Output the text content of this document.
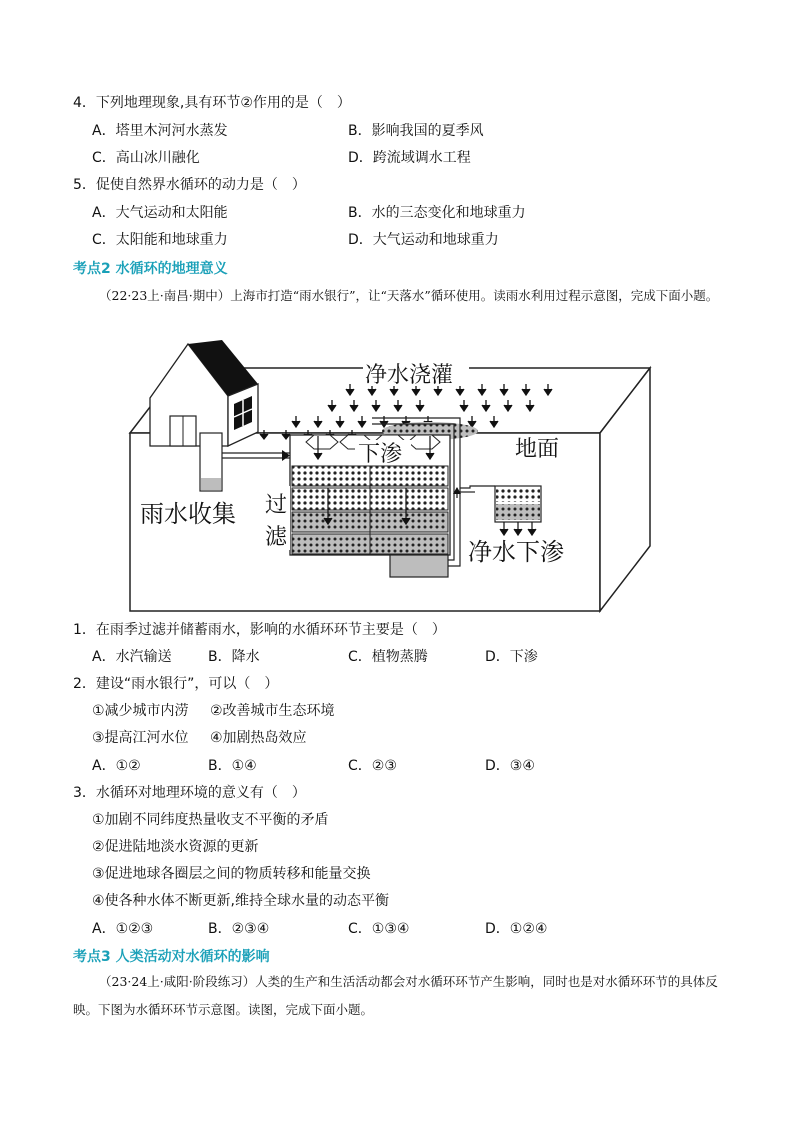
4．下列地理现象,具有环节②作用的是（　）
A．塔里木河河水蒸发	B．影响我国的夏季风
C．高山冰川融化	D．跨流域调水工程
5．促使自然界水循环的动力是（　）
A．大气运动和太阳能	B．水的三态变化和地球重力
C．太阳能和地球重力	D．大气运动和地球重力
考点2 水循环的地理意义
（22·23上·南昌·期中）上海市打造“雨水银行”，让“天落水”循环使用。读雨水利用过程示意图，完成下面小题。
净水浇灌
地面
下渗
雨水收集 过
滤
净水下渗
1．在雨季过滤并储蓄雨水，影响的水循环环节主要是（　）
A．水汽输送	B．降水	C．植物蒸腾	D．下渗
2．建设“雨水银行”，可以（　）
①减少城市内涝 ②改善城市生态环境
③提高江河水位 ④加剧热岛效应
A．①②	B．①④	C．②③	D．③④
3．水循环对地理环境的意义有（　）
①加剧不同纬度热量收支不平衡的矛盾
②促进陆地淡水资源的更新
③促进地球各圈层之间的物质转移和能量交换
④使各种水体不断更新,维持全球水量的动态平衡
A．①②③	B．②③④	C．①③④	D．①②④
考点3 人类活动对水循环的影响
（23·24上·咸阳·阶段练习）人类的生产和生活活动都会对水循环环节产生影响，同时也是对水循环环节的具体反映。下图为水循环环节示意图。读图，完成下面小题。
